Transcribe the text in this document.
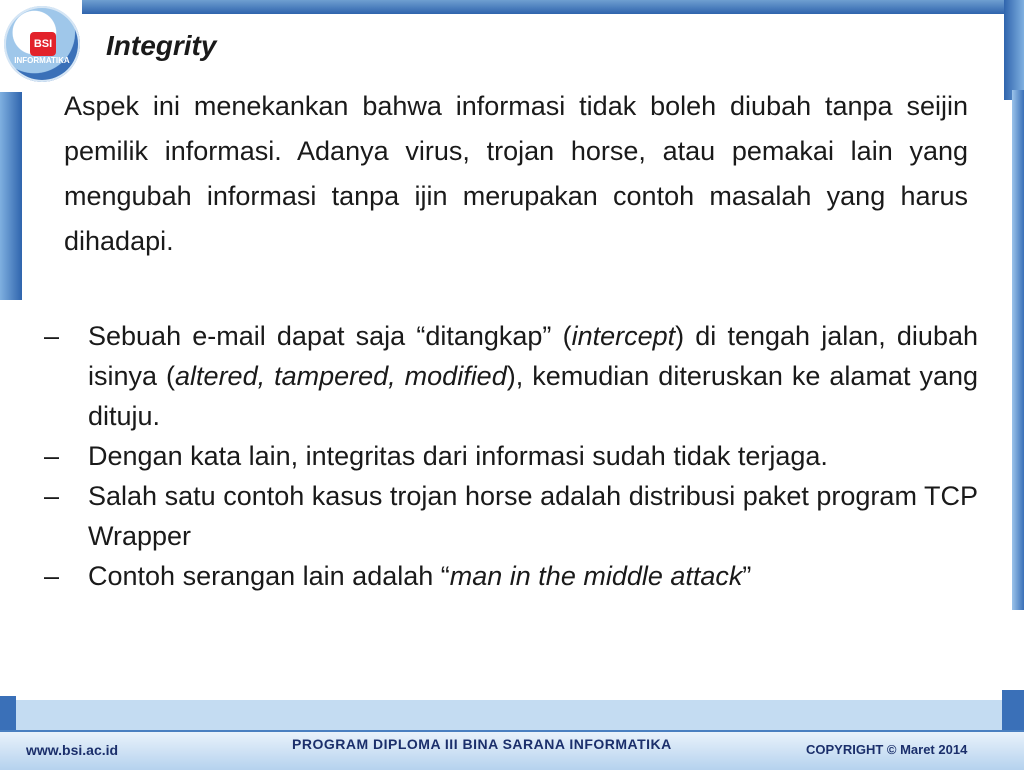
BSI
INFORMATIKA Integrity

Aspek ini menekankan bahwa informasi tidak boleh diubah tanpa seijin pemilik informasi. Adanya virus, trojan horse, atau pemakai lain yang mengubah informasi tanpa ijin merupakan contoh masalah yang harus dihadapi.

–	Sebuah e-mail dapat saja “ditangkap” (intercept) di tengah jalan, diubah isinya (altered, tampered, modified), kemudian diteruskan ke alamat yang dituju.
–	Dengan kata lain, integritas dari informasi sudah tidak terjaga.
–	Salah satu contoh kasus trojan horse adalah distribusi paket program TCP Wrapper
–	Contoh serangan lain adalah “man in the middle attack”
www.bsi.ac.id	PROGRAM DIPLOMA III BINA SARANA INFORMATIKA	COPYRIGHT © Maret 2014
